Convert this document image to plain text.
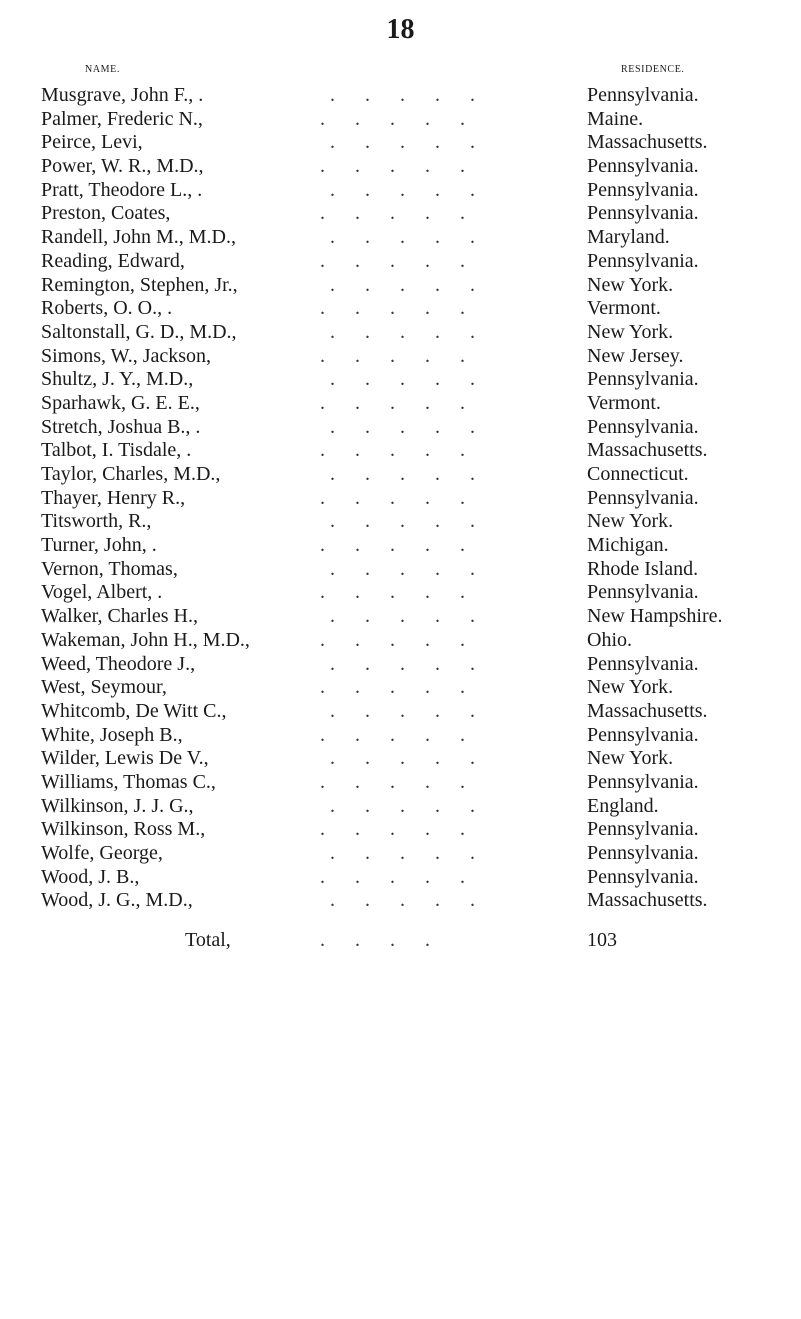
18
NAME.	RESIDENCE.
Musgrave, John F., .	.      .      .      .      .	Pennsylvania.
Palmer, Frederic N.,	.      .      .      .      .	Maine.
Peirce, Levi,	.      .      .      .      .	Massachusetts.
Power, W. R., M.D.,	.      .      .      .      .	Pennsylvania.
Pratt, Theodore L., .	.      .      .      .      .	Pennsylvania.
Preston, Coates,	.      .      .      .      .	Pennsylvania.
Randell, John M., M.D.,	.      .      .      .      .	Maryland.
Reading, Edward,	.      .      .      .      .	Pennsylvania.
Remington, Stephen, Jr.,	.      .      .      .      .	New York.
Roberts, O. O., .	.      .      .      .      .	Vermont.
Saltonstall, G. D., M.D.,	.      .      .      .      .	New York.
Simons, W., Jackson,	.      .      .      .      .	New Jersey.
Shultz, J. Y., M.D.,	.      .      .      .      .	Pennsylvania.
Sparhawk, G. E. E.,	.      .      .      .      .	Vermont.
Stretch, Joshua B., .	.      .      .      .      .	Pennsylvania.
Talbot, I. Tisdale, .	.      .      .      .      .	Massachusetts.
Taylor, Charles, M.D.,	.      .      .      .      .	Connecticut.
Thayer, Henry R.,	.      .      .      .      .	Pennsylvania.
Titsworth, R.,	.      .      .      .      .	New York.
Turner, John, .	.      .      .      .      .	Michigan.
Vernon, Thomas,	.      .      .      .      .	Rhode Island.
Vogel, Albert, .	.      .      .      .      .	Pennsylvania.
Walker, Charles H.,	.      .      .      .      .	New Hampshire.
Wakeman, John H., M.D.,	.      .      .      .      .	Ohio.
Weed, Theodore J.,	.      .      .      .      .	Pennsylvania.
West, Seymour,	.      .      .      .      .	New York.
Whitcomb, De Witt C.,	.      .      .      .      .	Massachusetts.
White, Joseph B.,	.      .      .      .      .	Pennsylvania.
Wilder, Lewis De V.,	.      .      .      .      .	New York.
Williams, Thomas C.,	.      .      .      .      .	Pennsylvania.
Wilkinson, J. J. G.,	.      .      .      .      .	England.
Wilkinson, Ross M.,	.      .      .      .      .	Pennsylvania.
Wolfe, George,	.      .      .      .      .	Pennsylvania.
Wood, J. B.,	.      .      .      .      .	Pennsylvania.
Wood, J. G., M.D.,	.      .      .      .      .	Massachusetts.
Total,	.      .      .      .	103
